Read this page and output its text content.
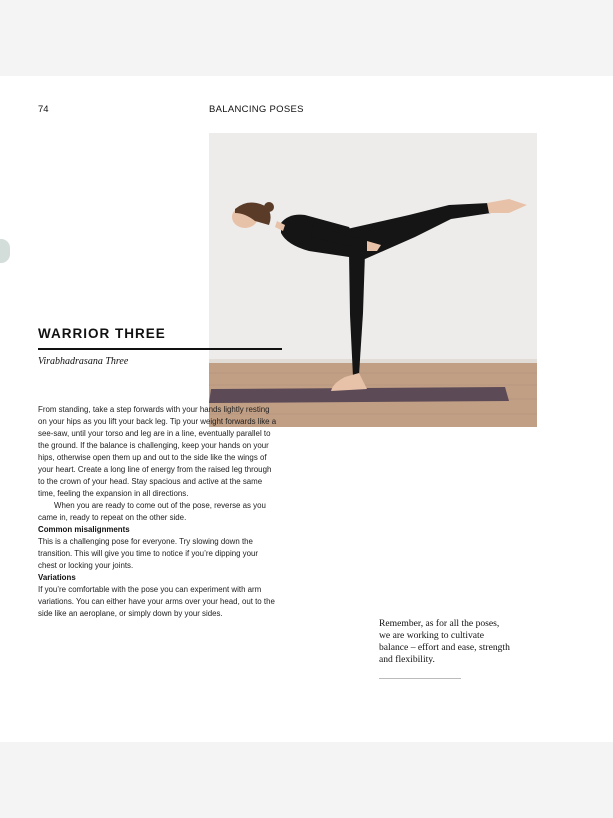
74	BALANCING POSES
WARRIOR THREE
Virabhadrasana Three

From standing, take a step forwards with your hands lightly resting on your hips as you lift your back leg. Tip your weight forwards like a see-saw, until your torso and leg are in a line, eventually parallel to the ground. If the balance is challenging, keep your hands on your hips, otherwise open them up and out to the side like the wings of your heart. Create a long line of energy from the raised leg through to the crown of your head. Stay spacious and active at the same time, feeling the expansion in all directions.

When you are ready to come out of the pose, reverse as you came in, ready to repeat on the other side.

Common misalignments

This is a challenging pose for everyone. Try slowing down the transition. This will give you time to notice if you’re dipping your chest or locking your joints.

Variations

If you’re comfortable with the pose you can experiment with arm variations. You can either have your arms over your head, out to the side like an aeroplane, or simply down by your sides.

Remember, as for all the poses,
we are working to cultivate
balance – effort and ease, strength
and flexibility.
